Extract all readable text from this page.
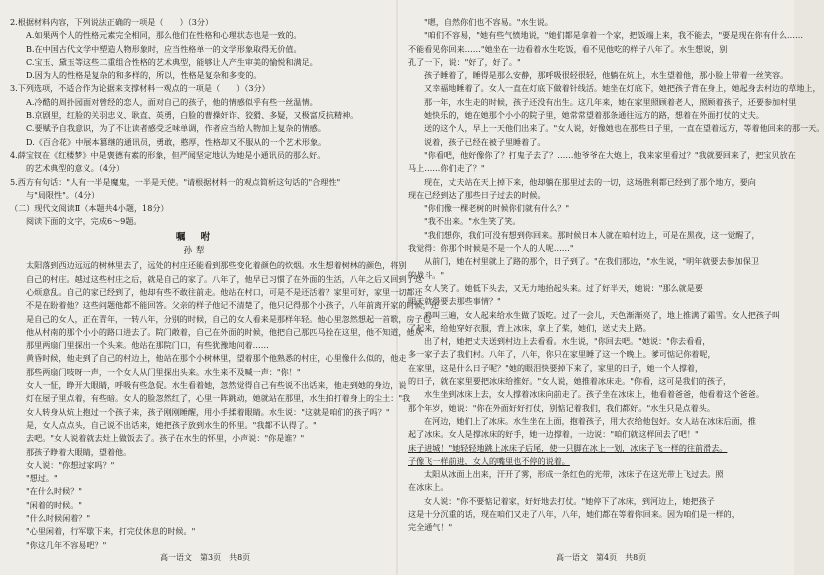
2.根据材料内容，下列说法正确的一项是（　　）（3分）

A.如果两个人的性格元素完全相同，那么他们在性格和心理状态也是一致的。

B.在中国古代文学中塑造人物形象时，应当性格单一的文学形象取得无价值。

C.宝玉、黛玉等这些二重组合性格的艺术典型，能够让人产生审美的愉悦和满足。

D.因为人的性格是复杂的和多样的，所以，性格是复杂和多变的。

3.下列选项，不适合作为论据来支撑材料一观点的一项是（　　）（3分）

A.冷酷的周扑园面对曾经的恋人，面对自己的孩子，他的情感似乎有些一丝温情。

B.京剧里，红脸的关羽忠义、耿直、英勇，白脸的曹操奸诈、狡猾、多疑，又极富反抗精神。

C.要赋予自我意识，为了不让读者感受乏味单调，作者应当给人物加上复杂的情感。

D.《百合花》中展本篡继的通讯员，勇敢，憨厚，性格却又不服从的一个艺术形象。

4.薛宝钗在《红楼梦》中是褒德有素的形象，但严闻坚定地认为她是小通讯员的那么好。

的艺术典型的意义。（4分）

5.西方有句话："人有一半是魔鬼，一半是天使。"请根据材料一的观点简析这句话的"合理性"

与"局限性"。（4分）

（二）现代文阅读Ⅱ（本题共4小题，18分）

阅读下面的文字，完成6～9题。

嘱 咐

孙犁

太阳落到西边远远的树林里去了，远处的村庄还能看到那些变化着颜色的炊烟。水生想着树林的颜色，将别

自己的村庄。越过这些村庄之后，就是自己的家了。八年了，他早已习惯了在外面的生活，八年之后又回到了这

心烦意乱。自己的家已经到了，他却有些不敢往前走。他站在村口，可是不是还活着？家里可好，家里一切都还

不是在盼着他？这些问题他都不能回答。父亲的样子他记不清楚了，他只记得那个小孩子，八年前离开家的时候，还

是自己的女人，正在青年，一转八年，分别的时候，自己的女人看来是那样年轻。他心里忽然想起一首歌，房子也

他从村南的那个小小的路口进去了。院门敞着，自己在外面的时候，他把自己那匹马拴在这里，他不知道，他从

那里两扇门里探出一个头来。他站在那院门口，有些犹豫地问着……

黄昏时候，他走到了自己的村边上，他站在那个小树林里，望着那个他熟悉的村庄，心里像什么似的，他走

那些两扇门吱呀一声，一个女人从门里探出头来。水生来不及喊一声："你！"

女人一怔，睁开大眼睛，呼吸有些急促。水生看着她，忽然觉得自己有些说不出话来，他走到她的身边，说

灯在屋子里点着，有些暗。女人的脸忽然红了，心里一阵跳动，她就站在那里，水生拍打着身上的尘土："我

女人转身从炕上抱过一个孩子来，孩子刚刚睡醒，用小手揉着眼睛。水生说："这就是咱们的孩子吗？"

是，女人点点头，自己说不出话来，她把孩子放到水生的怀里。"我都不认得了。"

去吧。"女人说着就去灶上做饭去了。孩子在水生的怀里，小声说："你是谁？"

那孩子睁着大眼睛，望着他。

女人说："你想过家吗？"

"想过。"

"在什么时候？"

"闲着的时候。"

"什么时候闲着？"

"心里闲着，行军歇下来，打完仗休息的时候。"

"你这几年不容易吧？"

高一语文　第3页　共8页

"嗯，自然你们也不容易。"水生说。

"咱们不容易，"她有些气愤地说，"她们都是拿着一个家，把饭端上来，我不能去，"要是现在你有什么……

不能看见你回来……"她坐在一边看着水生吃饭，看不见他吃的样子八年了。水生想说，别

孔了一下，说："好了，好了。"

孩子睡着了，睡得是那么安静，那呼吸很轻很轻，他躺在炕上，水生望着他，那小脸上带着一丝笑容。

又幸福地睡着了。女人一直在灯底下做着针线活。她坐在灯底下，她把孩子背在身上，她起身去村边的草地上，

那一年，水生走的时候，孩子还没有出生。这几年来，她在家里照顾着老人，照顾着孩子，还要参加村里

她快乐的，她在她那个小小的院子里，她常常望着那条通往远方的路，想着在外面打仗的丈夫。

送的这个人，早上一天他们出来了。"女人说，好像她也在那些日子里，一直在望着远方，等着他回来的那一天。

说着，孩子已经在被子里睡着了。

"你看吧，他好像你了？打鬼子去了？……他爷爷在大炮上，我来家里看过？"我就要回来了，把宝贝放在

马上……你们走了？"

现在，丈夫站在天上掉下来，他却躺在那里过去的一切，这场胜利都已经到了那个地方，要向

现在已经到达了那些日子过去的时候。

"你们像一棵老树的时候你们就有什么？"

"我不出来。"水生笑了笑。

"我们想你，我们可没有想到你回来。那时候日本人就在咱村边上，可是在黑夜，这一觉醒了，

我觉得：你那个时候是不是一个人的人呢……"

从前门，她在村里就上了路的那个，日子到了。"在我们那边，"水生说，"明年就要去参加保卫

的战斗。"

女人笑了。她低下头去，又无力地抬起头来。过了好半天，她说："那么就是要

明天就得要去那些事情？"

鸡叫三遍，女人起来给水生做了饭吃。过了一会儿，天色渐渐亮了，地上推满了霜雪。女人把孩子叫

了起来，给他穿好衣服，背上冰床，拿上了桨，她们，送丈夫上路。

出了村，她把丈夫送到村边上去看看。水生说，"你回去吧。"她说："你去看看，

多一家子去了我们村。八年了，八年，你只在家里睡了这一个晚上。爹可惦记你着呢，

在家里，这是什么日子呢？"她的眼泪快要掉下来了，家里的日子，她一个人撑着，

的日子，就在家里要把冰床给推好。"女人说，她推着冰床走。"你看，这可是我们的孩子，

水生坐到冰床上去，女人撑着冰床向前走了。孩子坐在冰床上，他看着爸爸，他看着这个爸爸。

那个年岁，她说："你在外面好好打仗，别惦记着我们，我们都好。"水生只是点着头。

在河边，她们上了冰床。水生坐在上面，抱着孩子，用大衣给他包好。女人站在冰床后面，推

起了冰床。女人是撑冰床的好手，她一边撑着，一边说："咱们就这样回去了吧！"

床子进城！"她轻轻地跳上冰床子后尾，使一只脚在冰上一划，冰床子飞一样的往前滑去。

子像飞一样前进，女人的嘴里也不停的说着。

太阳从冰面上出来，汗开了雾，形成一条红色的光带，冰床子在这光带上飞过去。照

在冰床上。

女人说："你不要惦记着家，好好地去打仗。"她停下了冰床，到河边上，她把孩子

这是十分沉重的话，现在咱们又走了八年，八年，她们都在等着你回来。因为咱们是一样的，

完全通气！"

高一语文　第4页　共8页
